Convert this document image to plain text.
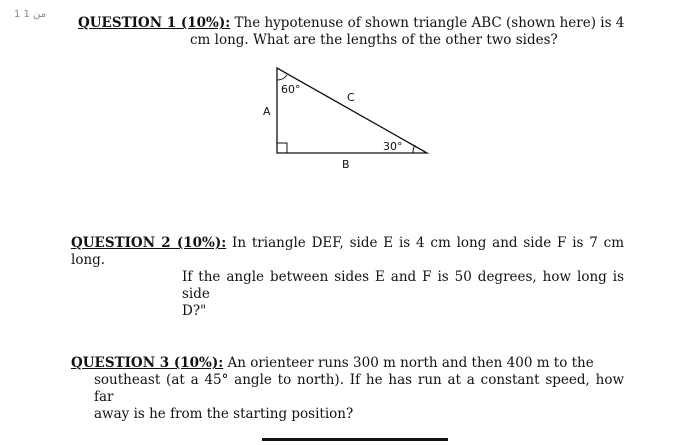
1 من 1
QUESTION 1 (10%): The hypotenuse of shown triangle ABC (shown here) is 4
cm long. What are the lengths of the other two sides?
60°
30°
A
C
B
QUESTION 2 (10%): In triangle DEF, side E is 4 cm long and side F is 7 cm long.
If the angle between sides E and F is 50 degrees, how long is side
D?"
QUESTION 3 (10%): An orienteer runs 300 m north and then 400 m to the
southeast (at a 45° angle to north). If he has run at a constant speed, how far
away is he from the starting position?
